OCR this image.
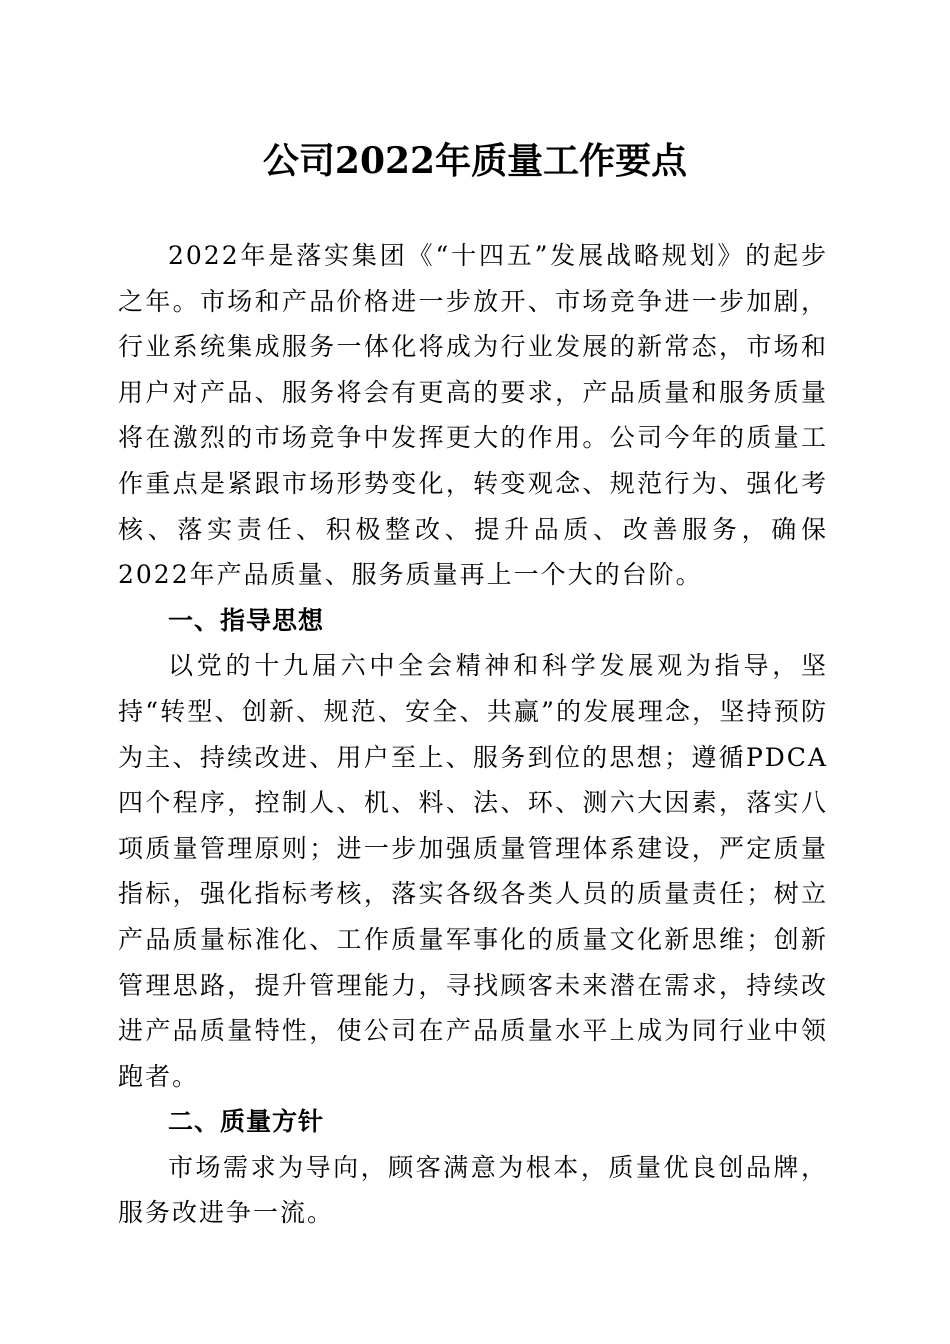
公司2022年质量工作要点

2022年是落实集团《“十四五”发展战略规划》的起步之年。市场和产品价格进一步放开、市场竞争进一步加剧，行业系统集成服务一体化将成为行业发展的新常态，市场和用户对产品、服务将会有更高的要求，产品质量和服务质量将在激烈的市场竞争中发挥更大的作用。公司今年的质量工作重点是紧跟市场形势变化，转变观念、规范行为、强化考核、落实责任、积极整改、提升品质、改善服务，确保2022年产品质量、服务质量再上一个大的台阶。

一、指导思想

以党的十九届六中全会精神和科学发展观为指导，坚持“转型、创新、规范、安全、共赢”的发展理念，坚持预防为主、持续改进、用户至上、服务到位的思想；遵循PDCA四个程序，控制人、机、料、法、环、测六大因素，落实八项质量管理原则；进一步加强质量管理体系建设，严定质量指标，强化指标考核，落实各级各类人员的质量责任；树立产品质量标准化、工作质量军事化的质量文化新思维；创新管理思路，提升管理能力，寻找顾客未来潜在需求，持续改进产品质量特性，使公司在产品质量水平上成为同行业中领跑者。

二、质量方针

市场需求为导向，顾客满意为根本，质量优良创品牌，服务改进争一流。
